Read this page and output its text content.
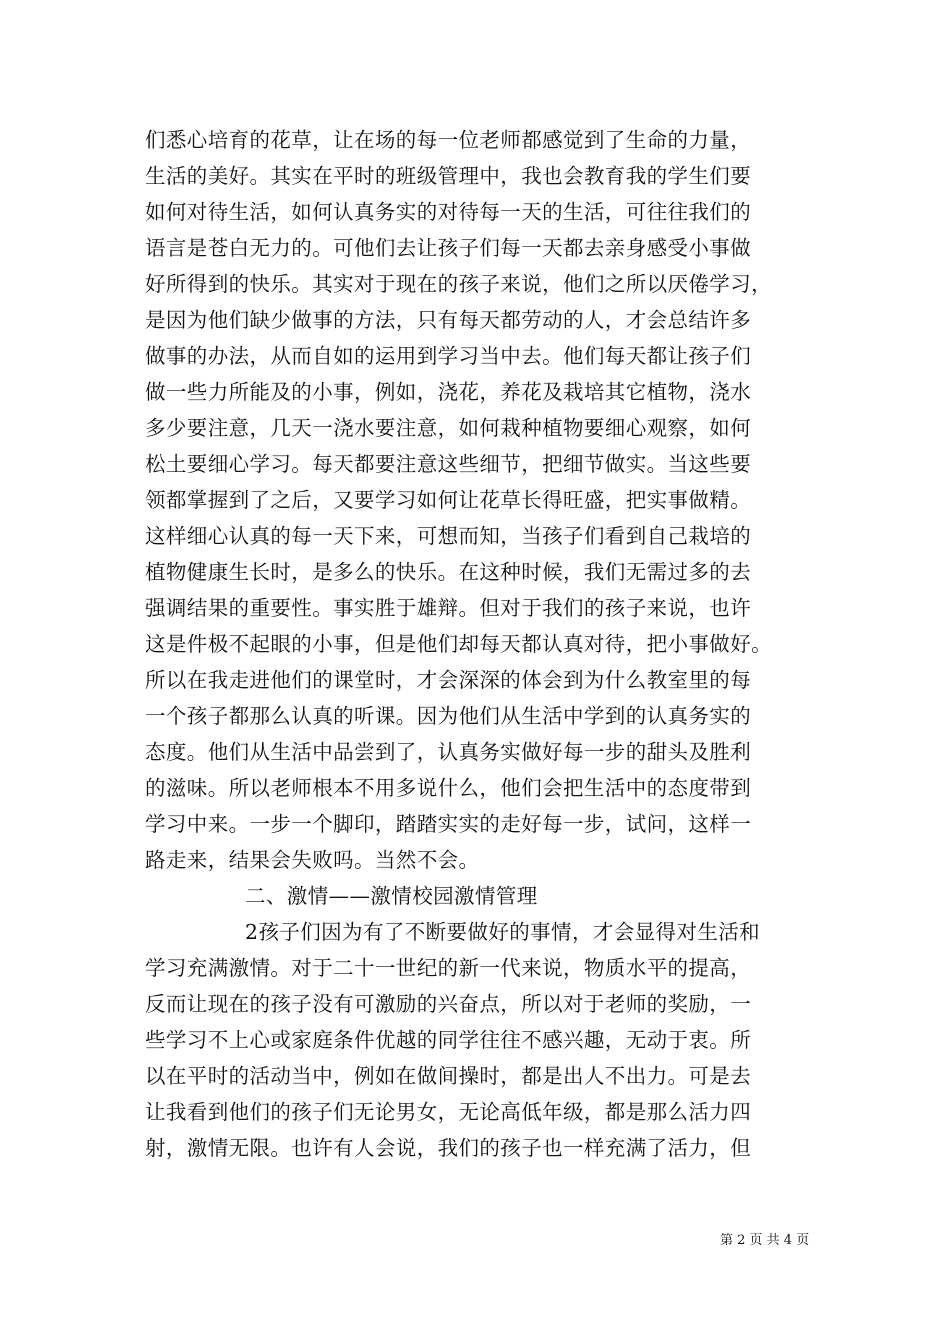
们悉心培育的花草，让在场的每一位老师都感觉到了生命的力量，
生活的美好。其实在平时的班级管理中，我也会教育我的学生们要
如何对待生活，如何认真务实的对待每一天的生活，可往往我们的
语言是苍白无力的。可他们去让孩子们每一天都去亲身感受小事做
好所得到的快乐。其实对于现在的孩子来说，他们之所以厌倦学习，
是因为他们缺少做事的方法，只有每天都劳动的人，才会总结许多
做事的办法，从而自如的运用到学习当中去。他们每天都让孩子们
做一些力所能及的小事，例如，浇花，养花及栽培其它植物，浇水
多少要注意，几天一浇水要注意，如何栽种植物要细心观察，如何
松土要细心学习。每天都要注意这些细节，把细节做实。当这些要
领都掌握到了之后，又要学习如何让花草长得旺盛，把实事做精。
这样细心认真的每一天下来，可想而知，当孩子们看到自己栽培的
植物健康生长时，是多么的快乐。在这种时候，我们无需过多的去
强调结果的重要性。事实胜于雄辩。但对于我们的孩子来说，也许
这是件极不起眼的小事，但是他们却每天都认真对待，把小事做好。
所以在我走进他们的课堂时，才会深深的体会到为什么教室里的每
一个孩子都那么认真的听课。因为他们从生活中学到的认真务实的
态度。他们从生活中品尝到了，认真务实做好每一步的甜头及胜利
的滋味。所以老师根本不用多说什么，他们会把生活中的态度带到
学习中来。一步一个脚印，踏踏实实的走好每一步，试问，这样一
路走来，结果会失败吗。当然不会。
二、激情——激情校园激情管理
2孩子们因为有了不断要做好的事情，才会显得对生活和
学习充满激情。对于二十一世纪的新一代来说，物质水平的提高，
反而让现在的孩子没有可激励的兴奋点，所以对于老师的奖励，一
些学习不上心或家庭条件优越的同学往往不感兴趣，无动于衷。所
以在平时的活动当中，例如在做间操时，都是出人不出力。可是去
让我看到他们的孩子们无论男女，无论高低年级，都是那么活力四
射，激情无限。也许有人会说，我们的孩子也一样充满了活力，但
第 2 页 共 4 页
